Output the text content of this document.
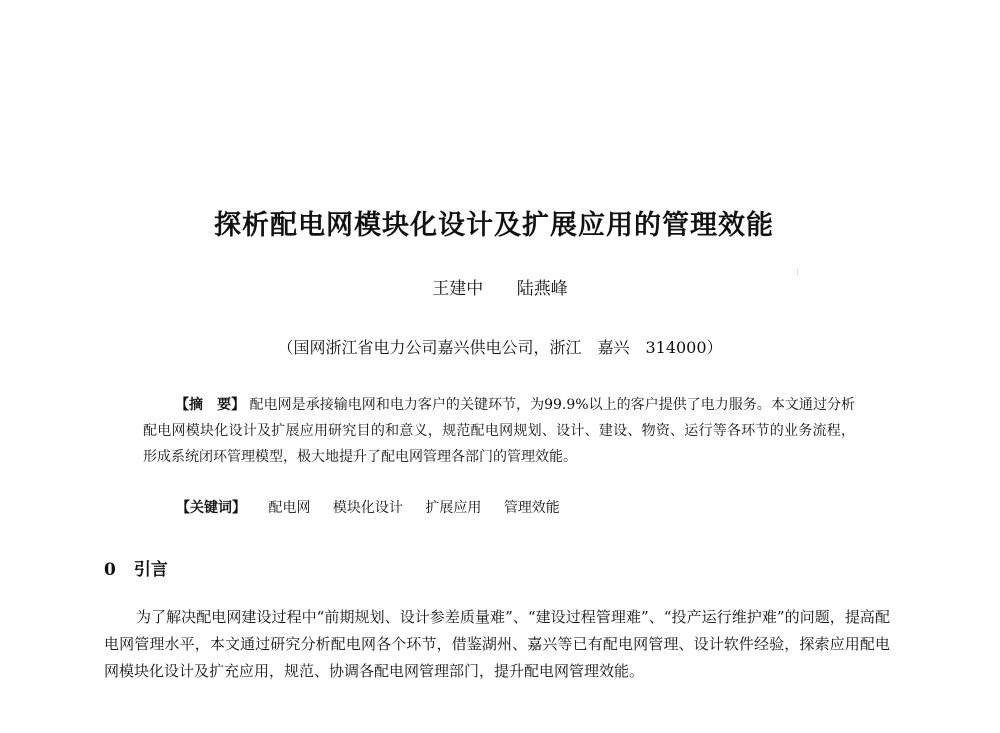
探析配电网模块化设计及扩展应用的管理效能
王建中 陆燕峰
（国网浙江省电力公司嘉兴供电公司，浙江　嘉兴　314000）
【摘　要】 配电网是承接输电网和电力客户的关键环节，为99.9%以上的客户提供了电力服务。本文通过分析配电网模块化设计及扩展应用研究目的和意义，规范配电网规划、设计、建设、物资、运行等各环节的业务流程，形成系统闭环管理模型，极大地提升了配电网管理各部门的管理效能。
【关键词】 配电网 模块化设计 扩展应用 管理效能
0 引言
为了解决配电网建设过程中“前期规划、设计参差质量难”、“建设过程管理难”、“投产运行维护难”的问题，提高配电网管理水平，本文通过研究分析配电网各个环节，借鉴湖州、嘉兴等已有配电网管理、设计软件经验，探索应用配电网模块化设计及扩充应用，规范、协调各配电网管理部门，提升配电网管理效能。
